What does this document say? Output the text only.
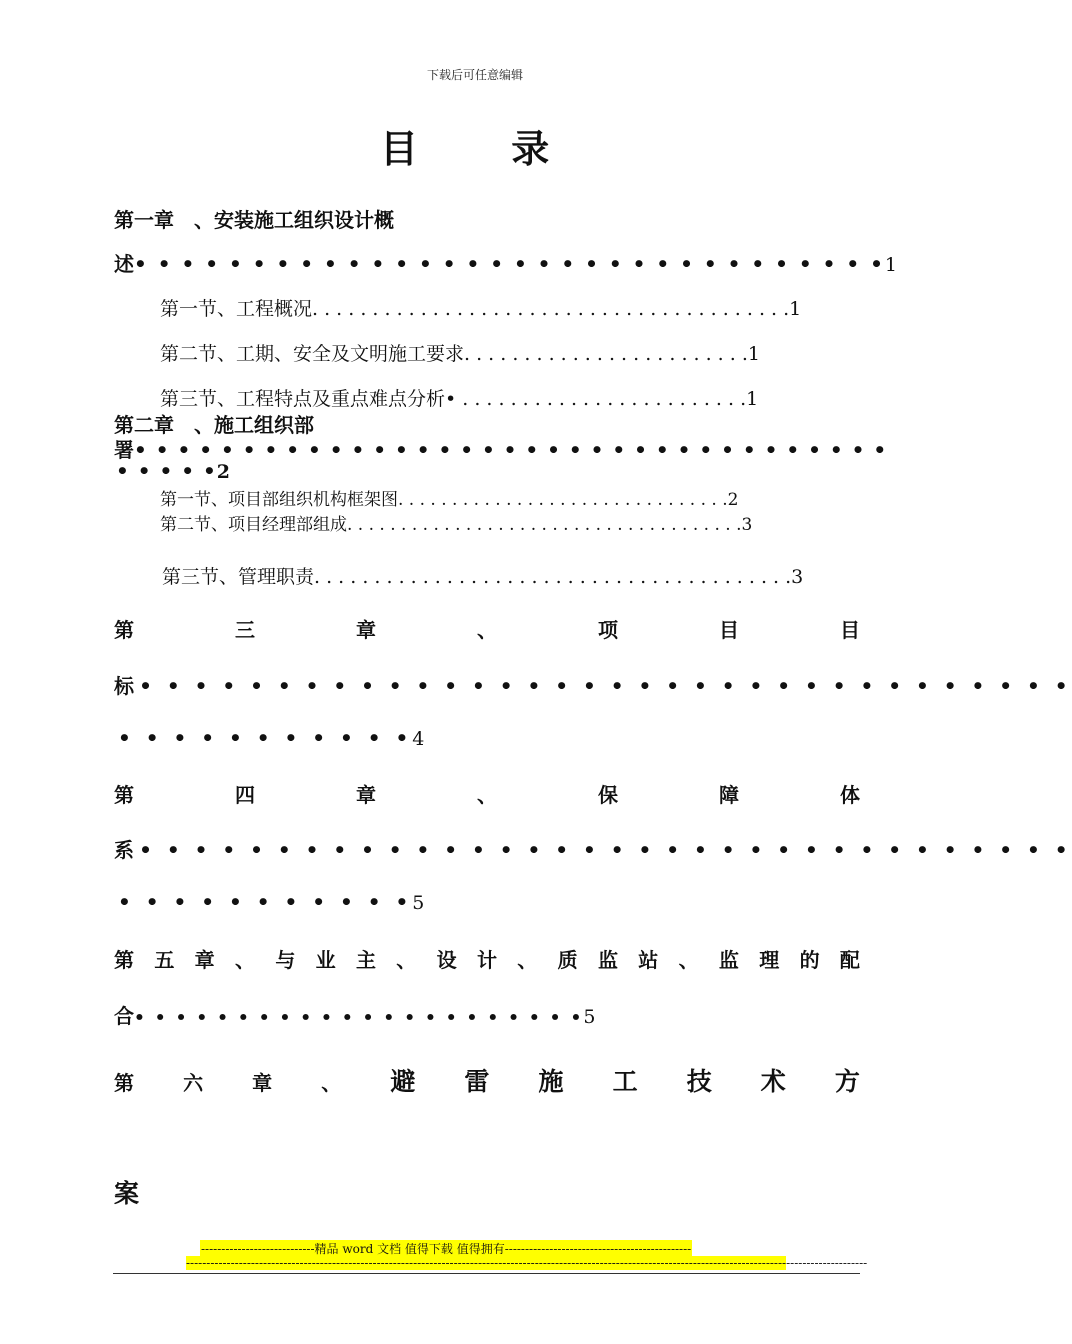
下载后可任意编辑
目 录
第一章　、安装施工组织设计概
述• • • • • • • • • • • • • • • • • • • • • • • • • • • • • • • •1
第一节、工程概况. . . . . . . . . . . . . . . . . . . . . . . . . . . . . . . . . . . . . . . .1
第二节、工期、安全及文明施工要求. . . . . . . . . . . . . . . . . . . . . . . .1
第三节、工程特点及重点难点分析• . . . . . . . . . . . . . . . . . . . . . . . .1
第二章　、施工组织部
署• • • • • • • • • • • • • • • • • • • • • • • • • • • • • • • • • • •
• • • • •2
第一节、项目部组织机构框架图. . . . . . . . . . . . . . . . . . . . . . . . . . . . . . .2
第二节、项目经理部组成. . . . . . . . . . . . . . . . . . . . . . . . . . . . . . . . . . . . .3
第三节、管理职责. . . . . . . . . . . . . . . . . . . . . . . . . . . . . . . . . . . . . . . .3
第	三	章	、	项	目	目
标 • • • • • • • • • • • • • • • • • • • • • • • • • • • • • • • • • •
• • • • • • • • • • •4
第	四	章	、	保	障	体
系 • • • • • • • • • • • • • • • • • • • • • • • • • • • • • • • • • •
• • • • • • • • • • •5
第 五 章 、 与 业 主 、 设 计 、 质 监 站 、 监 理 的 配
合• • • • • • • • • • • • • • • • • • • • • •5
第 六 章 、 避 雷 施 工 技 术 方
案
----------------------------精品 word 文档 值得下载 值得拥有----------------------------------------------
------------------------------------------------------------------------------------------------------------------------------------------------------------------------
